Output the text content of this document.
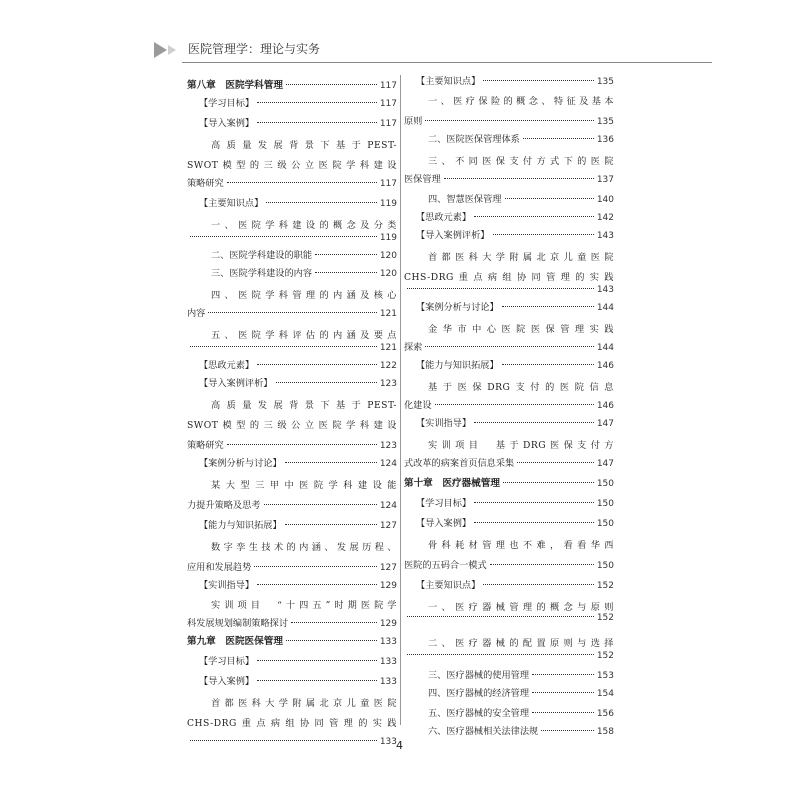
医院管理学：理论与实务
第八章　医院学科管理	117
【学习目标】	117
【导入案例】	117
高质量发展背景下基于PEST-
SWOT模型的三级公立医院学科建设
策略研究	117
【主要知识点】	119
一、医院学科建设的概念及分类
119
二、医院学科建设的职能	120
三、医院学科建设的内容	120
四、医院学科管理的内涵及核心
内容	121
五、医院学科评估的内涵及要点
121
【思政元素】	122
【导入案例评析】	123
高质量发展背景下基于PEST-
SWOT模型的三级公立医院学科建设
策略研究	123
【案例分析与讨论】	124
某大型三甲中医院学科建设能
力提升策略及思考	124
【能力与知识拓展】	127
数字孪生技术的内涵、发展历程、
应用和发展趋势	127
【实训指导】	129
实训项目　“十四五”时期医院学
科发展规划编制策略探讨	129
第九章　医院医保管理	133
【学习目标】	133
【导入案例】	133
首都医科大学附属北京儿童医院
CHS-DRG重点病组协同管理的实践
133
【主要知识点】	135
一、医疗保险的概念、特征及基本
原则	135
二、医院医保管理体系	136
三、不同医保支付方式下的医院
医保管理	137
四、智慧医保管理	140
【思政元素】	142
【导入案例评析】	143
首都医科大学附属北京儿童医院
CHS-DRG重点病组协同管理的实践
143
【案例分析与讨论】	144
金华市中心医院医保管理实践
探索	144
【能力与知识拓展】	146
基于医保DRG支付的医院信息
化建设	146
【实训指导】	147
实训项目　基于DRG医保支付方
式改革的病案首页信息采集	147
第十章　医疗器械管理	150
【学习目标】	150
【导入案例】	150
骨科耗材管理也不难，看看华西
医院的五码合一模式	150
【主要知识点】	152
一、医疗器械管理的概念与原则
152
二、医疗器械的配置原则与选择
152
三、医疗器械的使用管理	153
四、医疗器械的经济管理	154
五、医疗器械的安全管理	156
六、医疗器械相关法律法规	158
4
